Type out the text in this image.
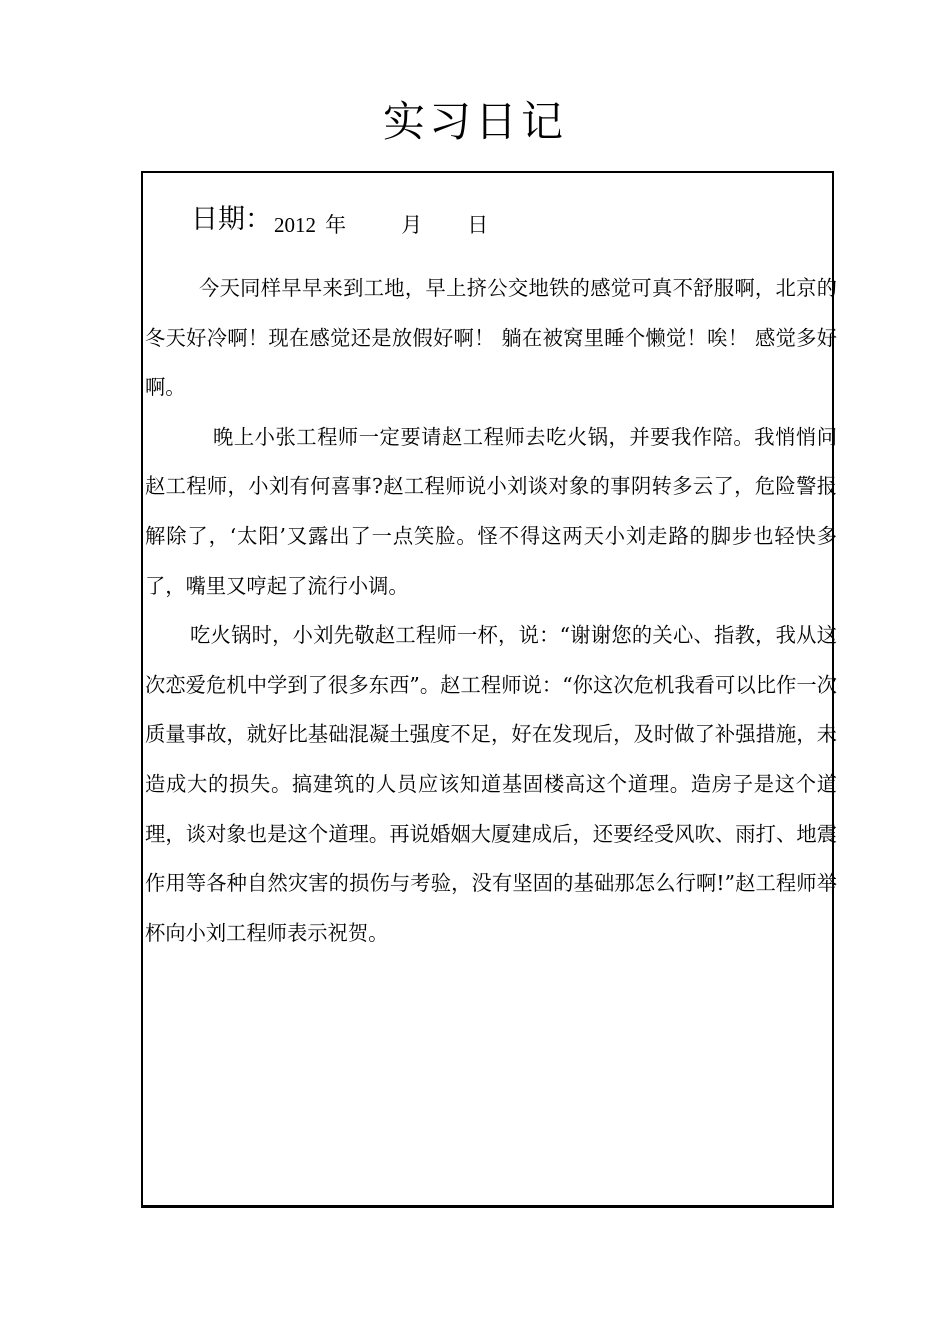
实习日记
日期：2012 年	月 日

今天同样早早来到工地，早上挤公交地铁的感觉可真不舒服啊，北京的冬天好冷啊！现在感觉还是放假好啊！ 躺在被窝里睡个懒觉！唉！ 感觉多好啊。

晚上小张工程师一定要请赵工程师去吃火锅，并要我作陪。我悄悄问赵工程师，小刘有何喜事?赵工程师说小刘谈对象的事阴转多云了，危险警报解除了，‘太阳’又露出了一点笑脸。怪不得这两天小刘走路的脚步也轻快多了，嘴里又哼起了流行小调。

吃火锅时，小刘先敬赵工程师一杯，说：“谢谢您的关心、指教，我从这次恋爱危机中学到了很多东西”。赵工程师说：“你这次危机我看可以比作一次质量事故，就好比基础混凝土强度不足，好在发现后，及时做了补强措施，未造成大的损失。搞建筑的人员应该知道基固楼高这个道理。造房子是这个道理，谈对象也是这个道理。再说婚姻大厦建成后，还要经受风吹、雨打、地震作用等各种自然灾害的损伤与考验，没有坚固的基础那怎么行啊!”赵工程师举杯向小刘工程师表示祝贺。
